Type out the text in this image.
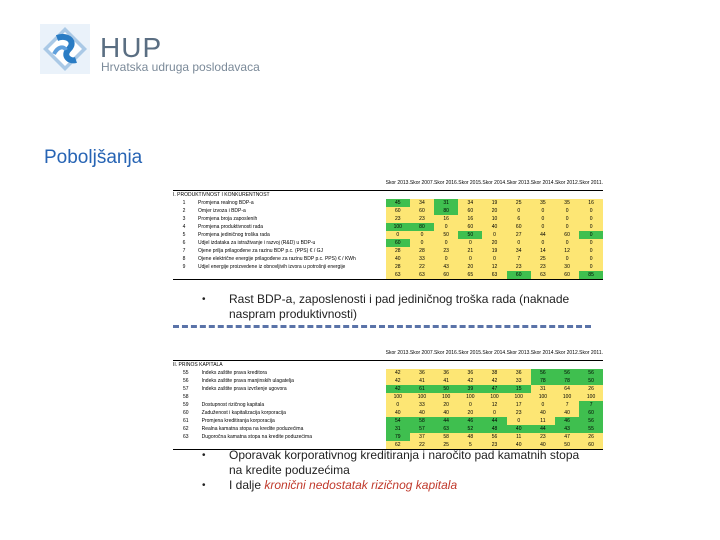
HUP
Hrvatska udruga poslodavaca
Poboljšanja
		Skor 2013.	Skor 2007.	Skor 2016.	Skor 2015.	Skor 2014.	Skor 2013.	Skor 2014.	Skor 2012.	Skor 2011.
I. PRODUKTIVNOST I KONKURENTNOST										
1	Promjena realnog BDP-a	45	34	31	34	19	25	35	35	16
2	Omjer izvoza i BDP-a	60	60	80	60	20	0	0	0	0
3	Promjena broja zaposlenih	23	23	16	16	10	6	0	0	0
4	Promjena produktivnosti rada	100	80	0	60	40	60	0	0	0
5	Promjena jediničnog troška rada	0	0	50	50	0	27	44	60	0
6	Udjel izdataka za istraživanje i razvoj (R&D) u BDP-u	60	0	0	0	20	0	0	0	0
7	Ojene prilja prilagođene za razinu BDP p.c. (PPS) € / GJ	28	28	23	21	19	34	14	12	0
8	Ojene električne energije prilagođene za razinu BDP p.c. PPS) € / KWh	40	33	0	0	0	7	25	0	0
9	Udjel energije proizvedene iz obnovljivih izvora u potrošnji energije	28	22	43	20	12	23	23	30	0
		63	63	60	65	63	60	63	60	85
• Rast BDP-a, zaposlenosti i pad jediničnog troška rada (naknade naspram produktivnosti)
		Skor 2013.	Skor 2007.	Skor 2016.	Skor 2015.	Skor 2014.	Skor 2013.	Skor 2014.	Skor 2012.	Skor 2011.
II. PRINOS KAPITALA										
55	Indeks zaštite prava kreditora	42	36	36	36	38	36	56	56	56
56	Indeks zaštite prava manjinskih ulagatelja	42	41	41	42	42	33	78	78	50
57	Indeks zaštite prava izvršenje ugovora	42	61	50	39	47	15	31	64	26
58		100	100	100	100	100	100	100	100	100
59	Dostupnost rizičnog kapitala	0	33	20	0	12	17	0	7	7
60	Zaduženost i kapitalizacija korporacija	40	40	40	20	0	23	40	40	60
61	Promjena kreditiranja korporacija	54	58	44	46	44	0	11	46	56
62	Realna kamatna stopa na kredite poduzećima	31	57	63	52	48	40	44	43	55
63	Dugoročna kamatna stopa na kredite poduzećima	79	37	58	48	56	11	23	47	26
		62	22	25	5	23	40	40	50	60
• Oporavak korporativnog kreditiranja i naročito pad kamatnih stopa na kredite poduzećima
• I dalje kronični nedostatak rizičnog kapitala
